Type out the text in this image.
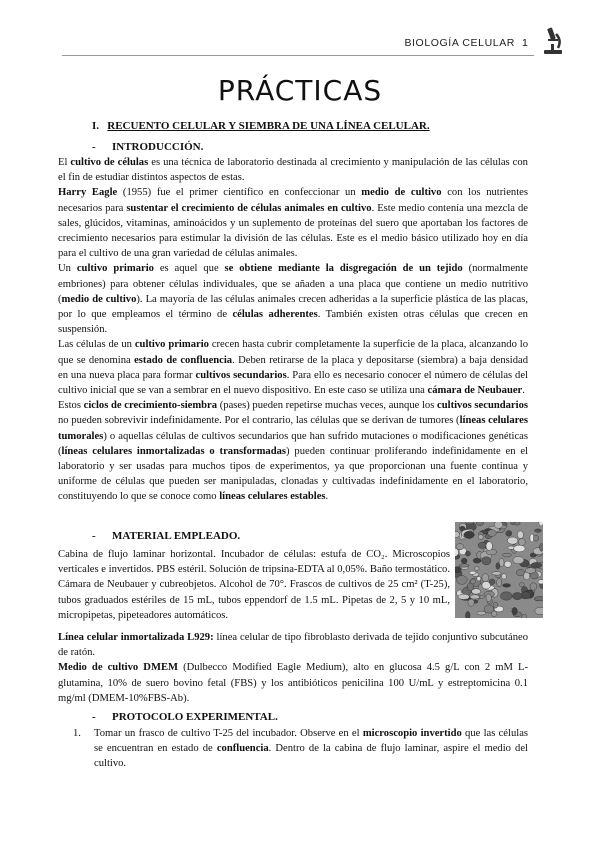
BIOLOGÍA CELULAR 1
PRÁCTICAS
I. RECUENTO CELULAR Y SIEMBRA DE UNA LÍNEA CELULAR.
- INTRODUCCIÓN.

El cultivo de células es una técnica de laboratorio destinada al crecimiento y manipulación de las células con el fin de estudiar distintos aspectos de estas.

Harry Eagle (1955) fue el primer científico en confeccionar un medio de cultivo con los nutrientes necesarios para sustentar el crecimiento de células animales en cultivo. Este medio contenía una mezcla de sales, glúcidos, vitaminas, aminoácidos y un suplemento de proteínas del suero que aportaban los factores de crecimiento necesarios para estimular la división de las células. Este es el medio básico utilizado hoy en día para el cultivo de una gran variedad de células animales.

Un cultivo primario es aquel que se obtiene mediante la disgregación de un tejido (normalmente embriones) para obtener células individuales, que se añaden a una placa que contiene un medio nutritivo (medio de cultivo). La mayoría de las células animales crecen adheridas a la superficie plástica de las placas, por lo que empleamos el término de células adherentes. También existen otras células que crecen en suspensión.

Las células de un cultivo primario crecen hasta cubrir completamente la superficie de la placa, alcanzando lo que se denomina estado de confluencia. Deben retirarse de la placa y depositarse (siembra) a baja densidad en una nueva placa para formar cultivos secundarios. Para ello es necesario conocer el número de células del cultivo inicial que se van a sembrar en el nuevo dispositivo. En este caso se utiliza una cámara de Neubauer.

Estos ciclos de crecimiento-siembra (pases) pueden repetirse muchas veces, aunque los cultivos secundarios no pueden sobrevivir indefinidamente. Por el contrario, las células que se derivan de tumores (líneas celulares tumorales) o aquellas células de cultivos secundarios que han sufrido mutaciones o modificaciones genéticas (líneas celulares inmortalizadas o transformadas) pueden continuar proliferando indefinidamente en el laboratorio y ser usadas para muchos tipos de experimentos, ya que proporcionan una fuente continua y uniforme de células que pueden ser manipuladas, clonadas y cultivadas indefinidamente en el laboratorio, constituyendo lo que se conoce como líneas celulares estables.

- MATERIAL EMPLEADO.

Cabina de flujo laminar horizontal. Incubador de células: estufa de CO₂. Microscopios verticales e invertidos. PBS estéril. Solución de tripsina-EDTA al 0,05%. Baño termostático. Cámara de Neubauer y cubreobjetos. Alcohol de 70°. Frascos de cultivos de 25 cm² (T-25), tubos graduados estériles de 15 mL, tubos eppendorf de 1.5 mL. Pipetas de 2, 5 y 10 mL, micropipetas, pipeteadores automáticos.

Línea celular inmortalizada L929: línea celular de tipo fibroblasto derivada de tejido conjuntivo subcutáneo de ratón.

Medio de cultivo DMEM (Dulbecco Modified Eagle Medium), alto en glucosa 4.5 g/L con 2 mM L-glutamina, 10% de suero bovino fetal (FBS) y los antibióticos penicilina 100 U/mL y estreptomicina 0.1 mg/ml (DMEM-10%FBS-Ab).

- PROTOCOLO EXPERIMENTAL.
1. Tomar un frasco de cultivo T-25 del incubador. Observe en el microscopio invertido que las células se encuentran en estado de confluencia. Dentro de la cabina de flujo laminar, aspire el medio del cultivo.
